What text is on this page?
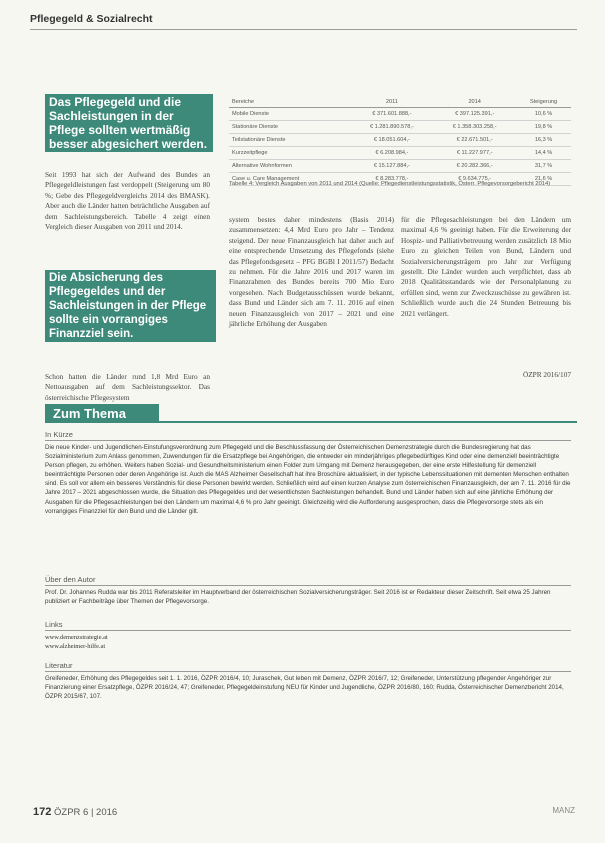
Pflegegeld & Sozialrecht
Das Pflegegeld und die Sachleistungen in der Pflege sollten wertmäßig besser abgesichert werden.

Seit 1993 hat sich der Aufwand des Bundes an Pflegegeldleistungen fast verdoppelt (Steigerung um 80 %; Gebe des Pflegegeldvergleichs 2014 des BMASK). Aber auch die Länder hatten beträchtliche Ausgaben auf dem Sachleistungsbereich. Tabelle 4 zeigt einen Vergleich dieser Ausgaben von 2011 und 2014.

Die Absicherung des Pflegegeldes und der Sachleistungen in der Pflege sollte ein vorrangiges Finanzziel sein.

Schon hatten die Länder rund 1,8 Mrd Euro an Nettoausgaben auf dem Sachleistungssektor. Das österreichische Pflegesystem

Bereiche	2011	2014	Steigerung
Mobile Dienste	€ 371.601.888,-	€ 397.125.391,-	10,6 %
Stationäre Dienste	€ 1.281.890.578,-	€ 1.358.303.258,-	19,8 %
Teilstationäre Dienste	€ 18.051.604,-	€ 22.671.501,-	16,3 %
Kurzzeitpflege	€ 6.208.984,-	€ 11.227.977,-	14,4 %
Alternative Wohnformen	€ 15.127.884,-	€ 20.282.366,-	31,7 %
Case u. Care Management	€ 8.283.778,-	€ 9.634.775,-	21,6 %
Tabelle 4: Vergleich Ausgaben von 2011 und 2014 (Quelle: Pflegedienstleistungsstatistik, Österr. Pflegevorsorgebericht 2014)

system bestes daher mindestens (Basis 2014) zusammensetzen: 4,4 Mrd Euro pro Jahr – Tendenz steigend. Der neue Finanzausgleich hat daher auch auf eine entsprechende Umsetzung des Pflegefonds (siehe das Pflegefondsgesetz – PFG BGBl I 2011/57) Bedacht zu nehmen. Für die Jahre 2016 und 2017 waren im Finanzrahmen des Bundes bereits 700 Mio Euro vorgesehen. Nach Budgetausschüssen wurde bekannt, dass Bund und Länder sich am 7. 11. 2016 auf einen neuen Finanzausgleich von 2017 – 2021 und eine jährliche Erhöhung der Ausgaben

für die Pflegesachleistungen bei den Ländern um maximal 4,6 % geeinigt haben. Für die Erweiterung der Hospiz- und Palliativbetreuung werden zusätzlich 18 Mio Euro zu gleichen Teilen von Bund, Ländern und Sozialversicherungsträgern pro Jahr zur Verfügung gestellt. Die Länder wurden auch verpflichtet, dass ab 2018 Qualitätsstandards wie der Personalplanung zu erfüllen sind, wenn zur Zweckzuschüsse zu gewähren ist. Schließlich wurde auch die 24 Stunden Betreuung bis 2021 verlängert.

ÖZPR 2016/107
Zum Thema
In Kürze

Die neue Kinder- und Jugendlichen-Einstufungsverordnung zum Pflegegeld und die Beschlussfassung der Österreichischen Demenzstrategie durch die Bundesregierung hat das Sozialministerium zum Anlass genommen, Zuwendungen für die Ersatzpflege bei Angehörigen, die entweder ein minderjähriges pflegebedürftiges Kind oder eine demenziell beeinträchtigte Person pflegen, zu erhöhen. Weiters haben Sozial- und Gesundheitsministerium einen Folder zum Umgang mit Demenz herausgegeben, der eine erste Hilfestellung für demenziell beeinträchtigte Personen oder deren Angehörige ist. Auch die MAS Alzheimer Gesellschaft hat ihre Broschüre aktualisiert, in der typische Lebenssituationen mit dementen Menschen enthalten sind. Es soll vor allem ein besseres Verständnis für diese Personen bewirkt werden. Schließlich wird auf einen kurzen Analyse zum österreichischen Finanzausgleich, der am 7. 11. 2016 für die Jahre 2017 – 2021 abgeschlossen wurde, die Situation des Pflegegeldes und der wesentlichsten Sachleistungen behandelt. Bund und Länder haben sich auf eine jährliche Erhöhung der Ausgaben für die Pflegesachleistungen bei den Ländern um maximal 4,6 % pro Jahr geeinigt. Gleichzeitig wird die Aufforderung ausgesprochen, dass die Pflegevorsorge stets als ein vorrangiges Finanzziel für den Bund und die Länder gilt.

Über den Autor

Prof. Dr. Johannes Rudda war bis 2011 Referatsleiter im Hauptverband der österreichischen Sozialversicherungsträger. Seit 2016 ist er Redakteur dieser Zeitschrift. Seit etwa 25 Jahren publiziert er Fachbeiträge über Themen der Pflegevorsorge.

Links
www.demenzstrategie.at
www.alzheimer-hilfe.at
Literatur

Greifeneder, Erhöhung des Pflegegeldes seit 1. 1. 2016, ÖZPR 2016/4, 10; Juraschek, Gut leben mit Demenz, ÖZPR 2016/7, 12; Greifeneder, Unterstützung pflegender Angehöriger zur Finanzierung einer Ersatzpflege, ÖZPR 2016/24, 47; Greifeneder, Pflegegeldeinstufung NEU für Kinder und Jugendliche, ÖZPR 2016/80, 160; Rudda, Österreichischer Demenzbericht 2014, ÖZPR 2015/67, 107.

172 ÖZPR 6 | 2016	MANZ
